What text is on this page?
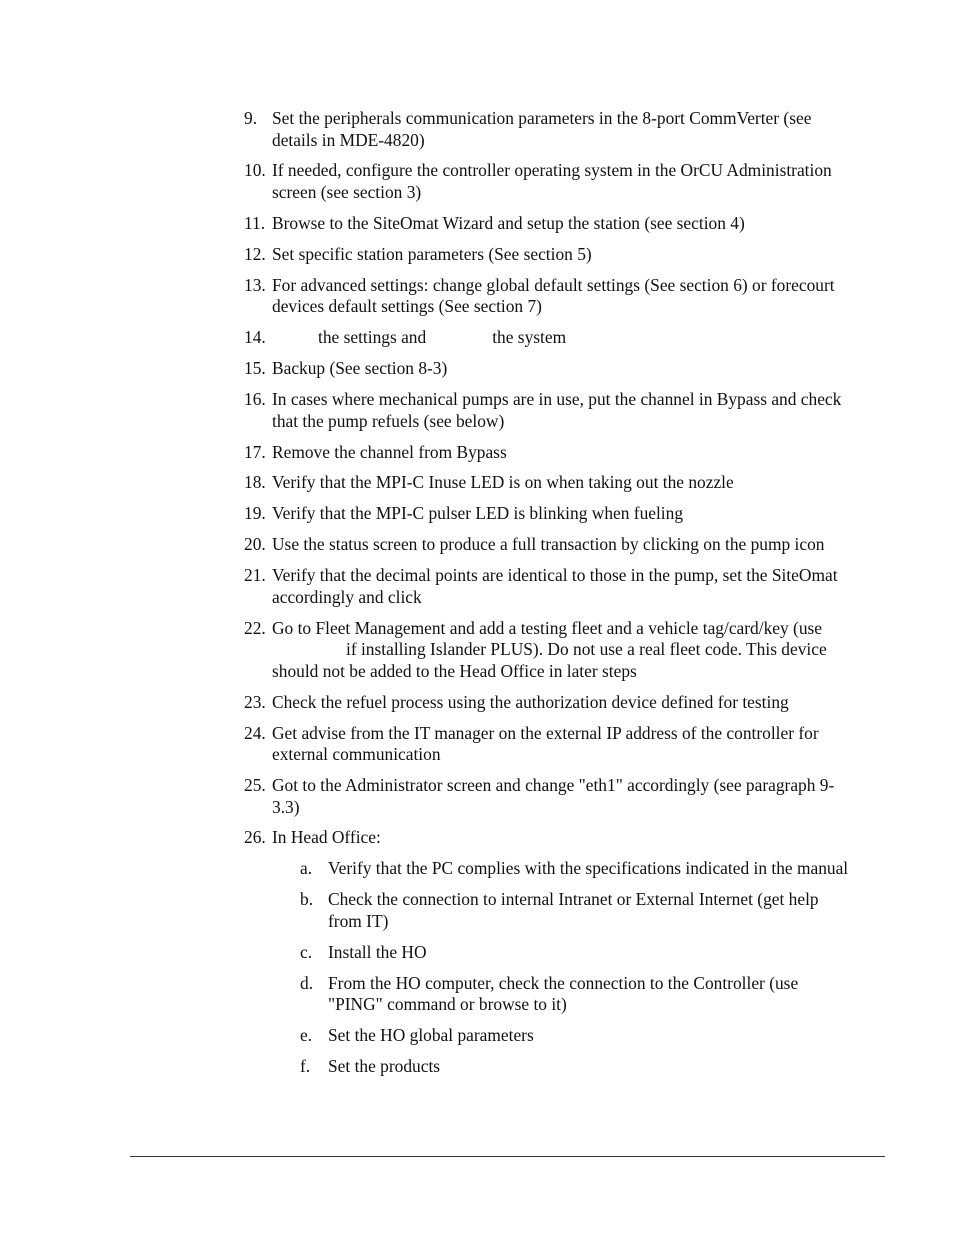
9. Set the peripherals communication parameters in the 8-port CommVerter (see details in MDE-4820)
10. If needed, configure the controller operating system in the OrCU Administration screen (see section 3)
11. Browse to the SiteOmat Wizard and setup the station (see section 4)
12. Set specific station parameters (See section 5)
13. For advanced settings: change global default settings (See section 6) or forecourt devices default settings (See section 7)
14.	the settings and	the system
15. Backup (See section 8-3)
16. In cases where mechanical pumps are in use, put the channel in Bypass and check that the pump refuels (see below)
17. Remove the channel from Bypass
18. Verify that the MPI-C Inuse LED is on when taking out the nozzle
19. Verify that the MPI-C pulser LED is blinking when fueling
20. Use the status screen to produce a full transaction by clicking on the pump icon
21. Verify that the decimal points are identical to those in the pump, set the SiteOmat accordingly and click
22. Go to Fleet Management and add a testing fleet and a vehicle tag/card/key (useif installing Islander PLUS). Do not use a real fleet code. This device should not be added to the Head Office in later steps
23. Check the refuel process using the authorization device defined for testing
24. Get advise from the IT manager on the external IP address of the controller for external communication
25. Got to the Administrator screen and change "eth1" accordingly (see paragraph 9-3.3)
26. In Head Office:
a. Verify that the PC complies with the specifications indicated in the manual
b. Check the connection to internal Intranet or External Internet (get help from IT)
c. Install the HO
d. From the HO computer, check the connection to the Controller (use "PING" command or browse to it)
e. Set the HO global parameters
f.	Set the products
